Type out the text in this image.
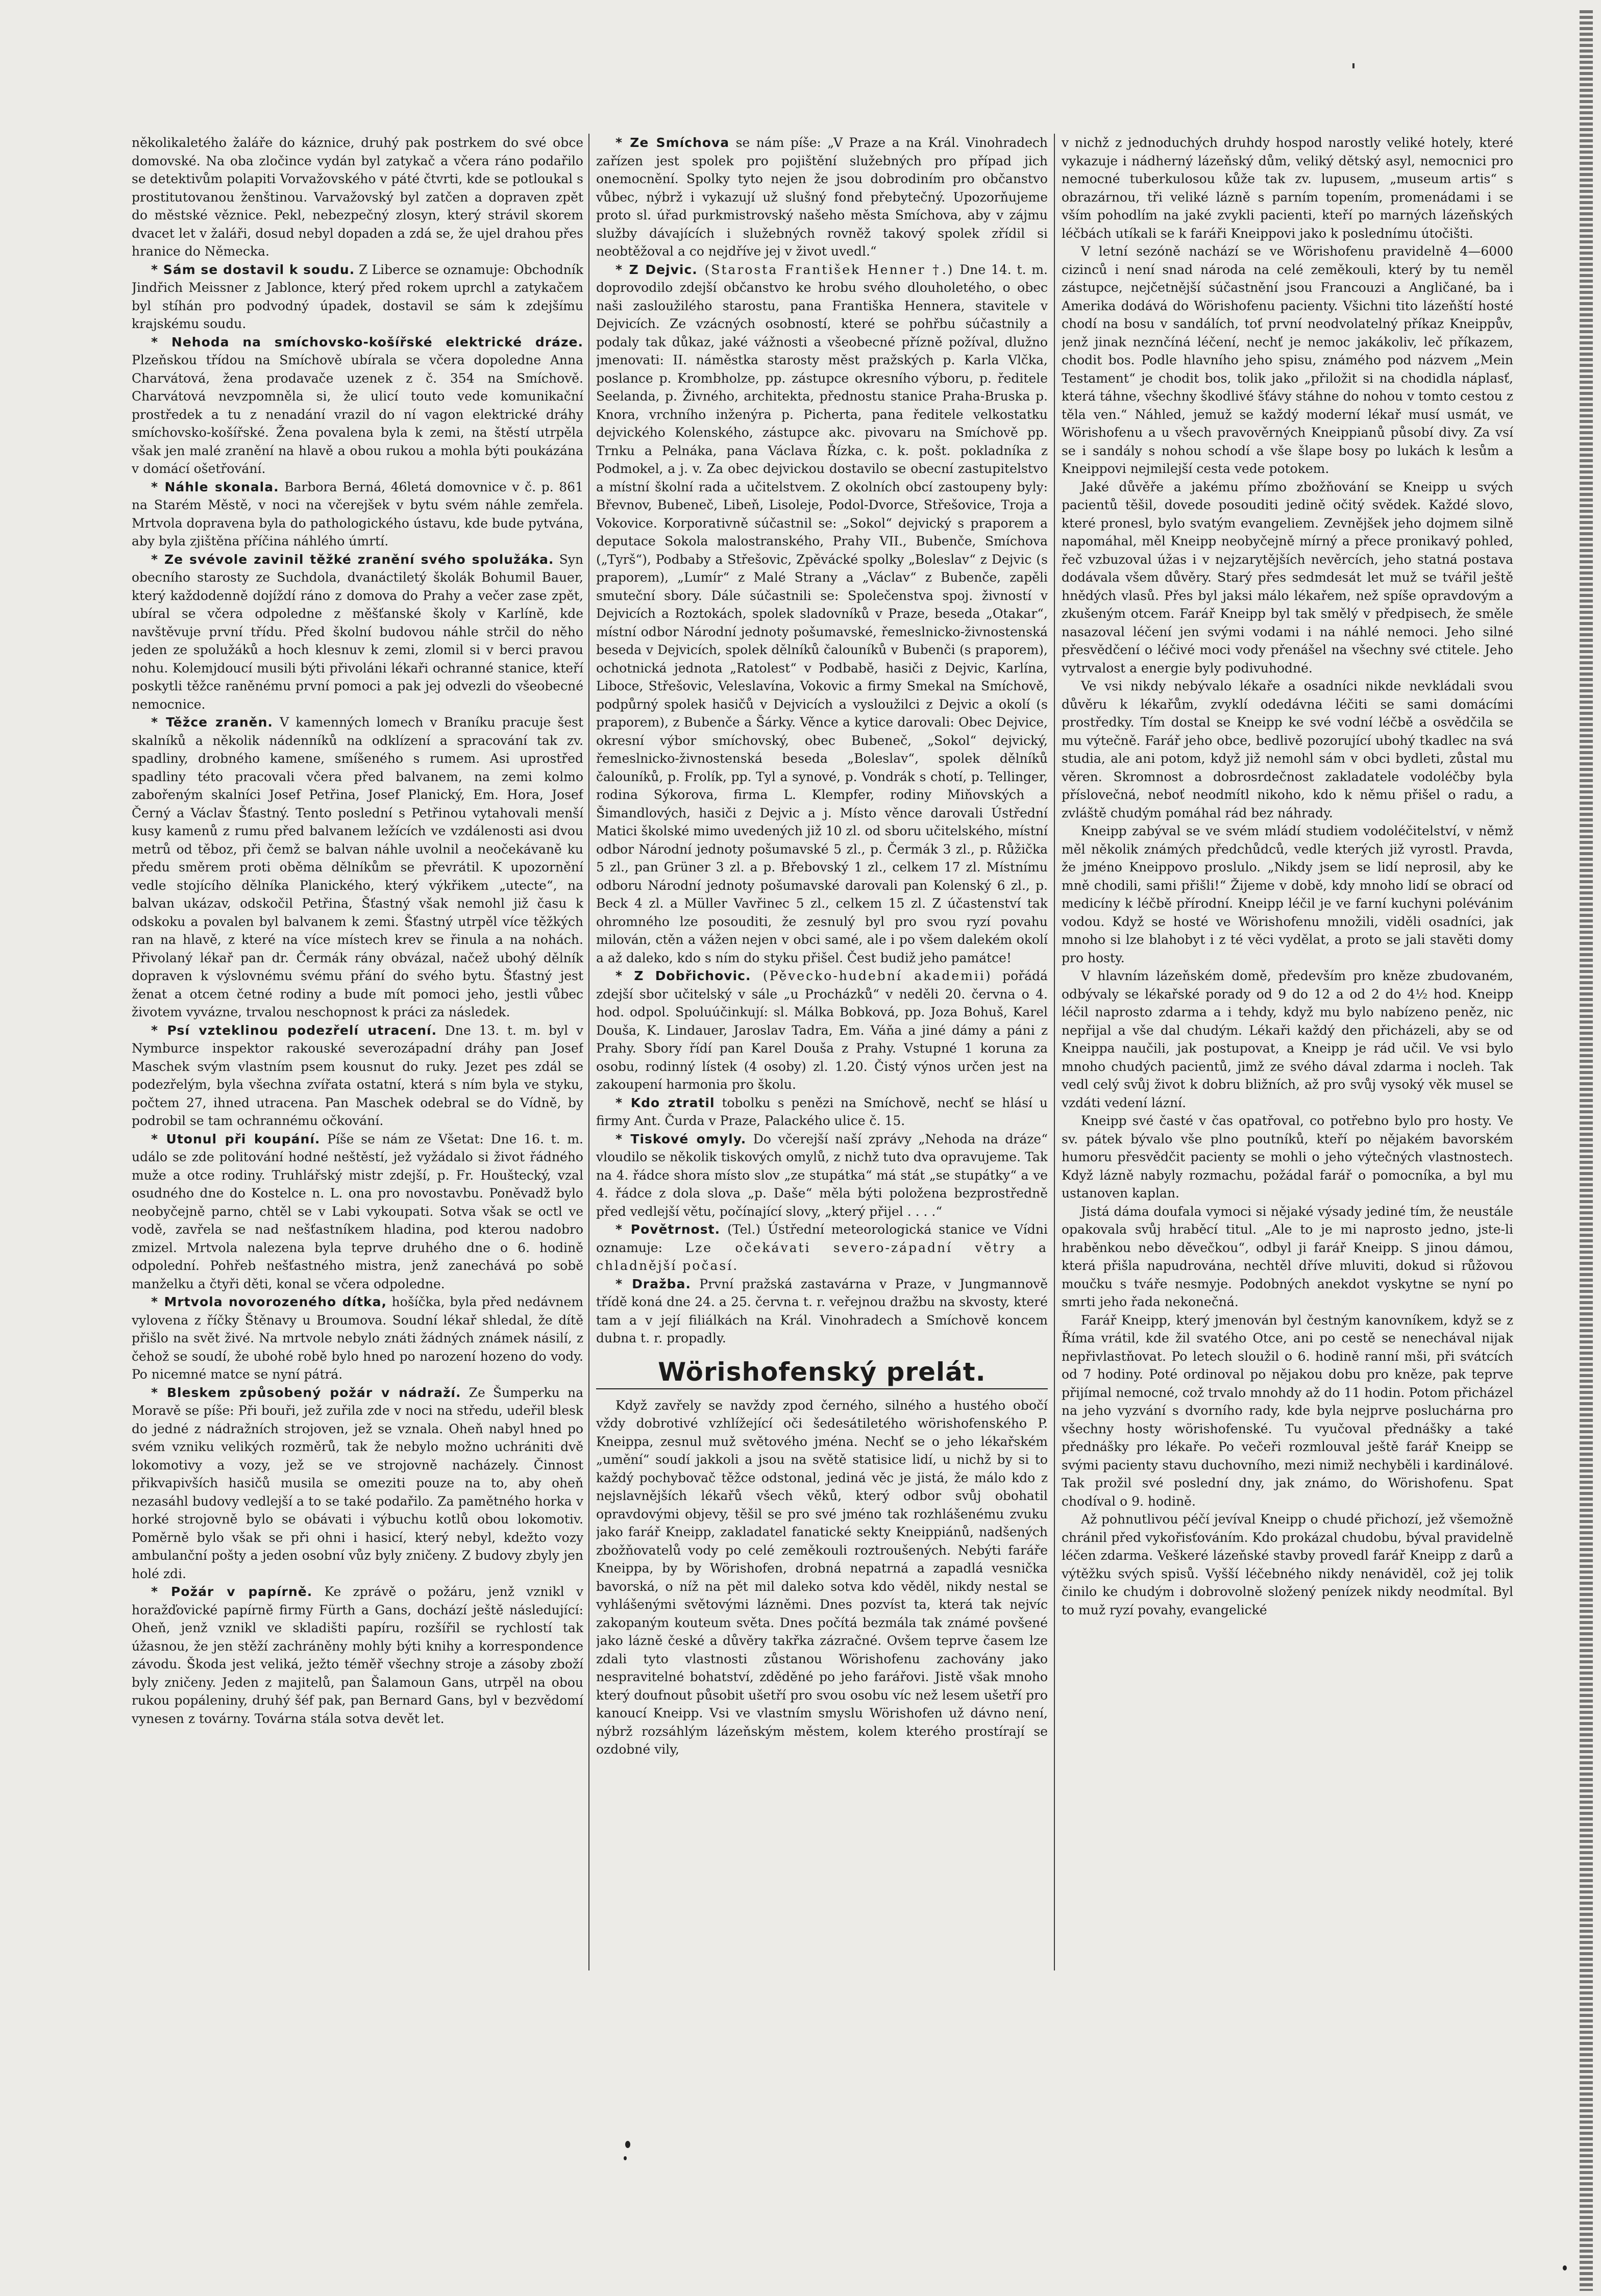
několikaletého žaláře do káznice, druhý pak postrkem do své obce domovské. Na oba zločince vydán byl zatykač a včera ráno podařilo se detektivům polapiti Vorvažovského v páté čtvrti, kde se potloukal s prostitutovanou ženštinou. Varvažovský byl zatčen a dopraven zpět do městské věznice. Pekl, nebezpečný zlosyn, který strávil skorem dvacet let v žaláři, dosud nebyl dopaden a zdá se, že ujel drahou přes hranice do Německa.

* Sám se dostavil k soudu. Z Liberce se oznamuje: Obchodník Jindřich Meissner z Jablonce, který před rokem uprchl a zatykačem byl stíhán pro podvodný úpadek, dostavil se sám k zdejšímu krajskému soudu.

* Nehoda na smíchovsko-košířské elektrické dráze. Plzeňskou třídou na Smíchově ubírala se včera dopoledne Anna Charvátová, žena prodavače uzenek z č. 354 na Smíchově. Charvátová nevzpomněla si, že ulicí touto vede komunikační prostředek a tu z nenadání vrazil do ní vagon elektrické dráhy smíchovsko-košířské. Žena povalena byla k zemi, na štěstí utrpěla však jen malé zranění na hlavě a obou rukou a mohla býti poukázána v domácí ošetřování.

* Náhle skonala. Barbora Berná, 46letá domovnice v č. p. 861 na Starém Městě, v noci na včerejšek v bytu svém náhle zemřela. Mrtvola dopravena byla do pathologického ústavu, kde bude pytvána, aby byla zjištěna příčina náhlého úmrtí.

* Ze svévole zavinil těžké zranění svého spolužáka. Syn obecního starosty ze Suchdola, dvanáctiletý školák Bohumil Bauer, který každodenně dojíždí ráno z domova do Prahy a večer zase zpět, ubíral se včera odpoledne z měšťanské školy v Karlíně, kde navštěvuje první třídu. Před školní budovou náhle strčil do něho jeden ze spolužáků a hoch klesnuv k zemi, zlomil si v berci pravou nohu. Kolemjdoucí musili býti přivoláni lékaři ochranné stanice, kteří poskytli těžce raněnému první pomoci a pak jej odvezli do všeobecné nemocnice.

* Těžce zraněn. V kamenných lomech v Braníku pracuje šest skalníků a několik nádenníků na odklízení a spracování tak zv. spadliny, drobného kamene, smíšeného s rumem. Asi uprostřed spadliny této pracovali včera před balvanem, na zemi kolmo zabořeným skalníci Josef Petřina, Josef Planický, Em. Hora, Josef Černý a Václav Šťastný. Tento poslední s Petřinou vytahovali menší kusy kamenů z rumu před balvanem ležících ve vzdálenosti asi dvou metrů od těboz, při čemž se balvan náhle uvolnil a neočekávaně ku předu směrem proti oběma dělníkům se převrátil. K upozornění vedle stojícího dělníka Planického, který výkřikem „utecte“, na balvan ukázav, odskočil Petřina, Šťastný však nemohl již času k odskoku a povalen byl balvanem k zemi. Šťastný utrpěl více těžkých ran na hlavě, z které na více místech krev se řinula a na nohách. Přivolaný lékař pan dr. Čermák rány obvázal, načež ubohý dělník dopraven k výslovnému svému přání do svého bytu. Šťastný jest ženat a otcem četné rodiny a bude mít pomoci jeho, jestli vůbec životem vyvázne, trvalou neschopnost k práci za následek.

* Psí vzteklinou podezřelí utracení. Dne 13. t. m. byl v Nymburce inspektor rakouské severozápadní dráhy pan Josef Maschek svým vlastním psem kousnut do ruky. Jezet pes zdál se podezřelým, byla všechna zvířata ostatní, která s ním byla ve styku, počtem 27, ihned utracena. Pan Maschek odebral se do Vídně, by podrobil se tam ochrannému očkování.

* Utonul při koupání. Píše se nám ze Všetat: Dne 16. t. m. událo se zde politování hodné neštěstí, jež vyžádalo si život řádného muže a otce rodiny. Truhlářský mistr zdejší, p. Fr. Houštecký, vzal osudného dne do Kostelce n. L. ona pro novostavbu. Poněvadž bylo neobyčejně parno, chtěl se v Labi vykoupati. Sotva však se octl ve vodě, zavřela se nad nešťastníkem hladina, pod kterou nadobro zmizel. Mrtvola nalezena byla teprve druhého dne o 6. hodině odpolední. Pohřeb nešťastného mistra, jenž zanechává po sobě manželku a čtyři děti, konal se včera odpoledne.

* Mrtvola novorozeného dítka, hošíčka, byla před nedávnem vylovena z říčky Štěnavy u Broumova. Soudní lékař shledal, že dítě přišlo na svět živé. Na mrtvole nebylo znáti žádných známek násilí, z čehož se soudí, že ubohé robě bylo hned po narození hozeno do vody. Po nicemné matce se nyní pátrá.

* Bleskem způsobený požár v nádraží. Ze Šumperku na Moravě se píše: Při bouři, jež zuřila zde v noci na středu, udeřil blesk do jedné z nádražních strojoven, jež se vznala. Oheň nabyl hned po svém vzniku velikých rozměrů, tak že nebylo možno uchrániti dvě lokomotivy a vozy, jež se ve strojovně nacházely. Činnost přikvapivších hasičů musila se omeziti pouze na to, aby oheň nezasáhl budovy vedlejší a to se také podařilo. Za pamětného horka v horké strojovně bylo se obávati i výbuchu kotlů obou lokomotiv. Poměrně bylo však se při ohni i hasicí, který nebyl, kdežto vozy ambulanční pošty a jeden osobní vůz byly zničeny. Z budovy zbyly jen holé zdi.

* Požár v papírně. Ke zprávě o požáru, jenž vznikl v horažďovické papírně firmy Fürth a Gans, dochází ještě následující: Oheň, jenž vznikl ve skladišti papíru, rozšířil se rychlostí tak úžasnou, že jen stěží zachráněny mohly býti knihy a korrespondence závodu. Škoda jest veliká, ježto téměř všechny stroje a zásoby zboží byly zničeny. Jeden z majitelů, pan Šalamoun Gans, utrpěl na obou rukou popáleniny, druhý šéf pak, pan Bernard Gans, byl v bezvědomí vynesen z továrny. Továrna stála sotva devět let.

* Ze Smíchova se nám píše: „V Praze a na Král. Vinohradech zařízen jest spolek pro pojištění služebných pro případ jich onemocnění. Spolky tyto nejen že jsou dobrodiním pro občanstvo vůbec, nýbrž i vykazují už slušný fond přebytečný. Upozorňujeme proto sl. úřad purkmistrovský našeho města Smíchova, aby v zájmu služby dávajících i služebných rovněž takový spolek zřídil si neobtěžoval a co nejdříve jej v život uvedl.“

* Z Dejvic. (Starosta František Henner †.) Dne 14. t. m. doprovodilo zdejší občanstvo ke hrobu svého dlouholetého, o obec naši zasloužilého starostu, pana Františka Hennera, stavitele v Dejvicích. Ze vzácných osobností, které se pohřbu súčastnily a podaly tak důkaz, jaké vážnosti a všeobecné přízně požíval, dlužno jmenovati: II. náměstka starosty měst pražských p. Karla Vlčka, poslance p. Krombholze, pp. zástupce okresního výboru, p. ředitele Seelanda, p. Živného, architekta, přednostu stanice Praha-Bruska p. Knora, vrchního inženýra p. Picherta, pana ředitele velkostatku dejvického Kolenského, zástupce akc. pivovaru na Smíchově pp. Trnku a Pelnáka, pana Václava Řízka, c. k. pošt. pokladníka z Podmokel, a j. v. Za obec dejvickou dostavilo se obecní zastupitelstvo a místní školní rada a učitelstvem. Z okolních obcí zastoupeny byly: Břevnov, Bubeneč, Libeň, Lisoleje, Podol-Dvorce, Střešovice, Troja a Vokovice. Korporativně súčastnil se: „Sokol“ dejvický s praporem a deputace Sokola malostranského, Prahy VII., Bubenče, Smíchova („Tyrš“), Podbaby a Střešovic, Zpěvácké spolky „Boleslav“ z Dejvic (s praporem), „Lumír“ z Malé Strany a „Václav“ z Bubenče, zapěli smuteční sbory. Dále súčastnili se: Společenstva spoj. živností v Dejvicích a Roztokách, spolek sladovníků v Praze, beseda „Otakar“, místní odbor Národní jednoty pošumavské, řemeslnicko-živnostenská beseda v Dejvicích, spolek dělníků čalouníků v Bubenči (s praporem), ochotnická jednota „Ratolest“ v Podbabě, hasiči z Dejvic, Karlína, Liboce, Střešovic, Veleslavína, Vokovic a firmy Smekal na Smíchově, podpůrný spolek hasičů v Dejvicích a vysloužilci z Dejvic a okolí (s praporem), z Bubenče a Šárky. Věnce a kytice darovali: Obec Dejvice, okresní výbor smíchovský, obec Bubeneč, „Sokol“ dejvický, řemeslnicko-živnostenská beseda „Boleslav“, spolek dělníků čalouníků, p. Frolík, pp. Tyl a synové, p. Vondrák s chotí, p. Tellinger, rodina Sýkorova, firma L. Klempfer, rodiny Miňovských a Šimandlových, hasiči z Dejvic a j. Místo věnce darovali Ústřední Matici školské mimo uvedených již 10 zl. od sboru učitelského, místní odbor Národní jednoty pošumavské 5 zl., p. Čermák 3 zl., p. Růžička 5 zl., pan Grüner 3 zl. a p. Břebovský 1 zl., celkem 17 zl. Místnímu odboru Národní jednoty pošumavské darovali pan Kolenský 6 zl., p. Beck 4 zl. a Müller Vavřinec 5 zl., celkem 15 zl. Z účastenství tak ohromného lze posouditi, že zesnulý byl pro svou ryzí povahu milován, ctěn a vážen nejen v obci samé, ale i po všem dalekém okolí a až daleko, kdo s ním do styku přišel. Čest budiž jeho památce!

* Z Dobřichovic. (Pěvecko-hudební akademii) pořádá zdejší sbor učitelský v sále „u Procházků“ v neděli 20. června o 4. hod. odpol. Spoluúčinkují: sl. Málka Bobková, pp. Joza Bohuš, Karel Douša, K. Lindauer, Jaroslav Tadra, Em. Váňa a jiné dámy a páni z Prahy. Sbory řídí pan Karel Douša z Prahy. Vstupné 1 koruna za osobu, rodinný lístek (4 osoby) zl. 1.20. Čistý výnos určen jest na zakoupení harmonia pro školu.

* Kdo ztratil tobolku s penězi na Smíchově, nechť se hlásí u firmy Ant. Čurda v Praze, Palackého ulice č. 15.

* Tiskové omyly. Do včerejší naší zprávy „Nehoda na dráze“ vloudilo se několik tiskových omylů, z nichž tuto dva opravujeme. Tak na 4. řádce shora místo slov „ze stupátka“ má stát „se stupátky“ a ve 4. řádce z dola slova „p. Daše“ měla býti položena bezprostředně před vedlejší větu, počínající slovy, „který přijel . . . .“

* Povětrnost. (Tel.) Ústřední meteorologická stanice ve Vídni oznamuje: Lze očekávati severo-západní větry a chladnější počasí.

* Dražba. První pražská zastavárna v Praze, v Jungmannově třídě koná dne 24. a 25. června t. r. veřejnou dražbu na skvosty, které tam a v její filiálkách na Král. Vinohradech a Smíchově koncem dubna t. r. propadly.

Wörishofenský prelát.

Když zavřely se navždy zpod černého, silného a hustého obočí vždy dobrotivé vzhlížející oči šedesátiletého wörishofenského P. Kneippa, zesnul muž světového jména. Nechť se o jeho lékařském „umění“ soudí jakkoli a jsou na světě statisice lidí, u nichž by si to každý pochybovač těžce odstonal, jediná věc je jistá, že málo kdo z nejslavnějších lékařů všech věků, který odbor svůj obohatil opravdovými objevy, těšil se pro své jméno tak rozhlášenému zvuku jako farář Kneipp, zakladatel fanatické sekty Kneippiánů, nadšených zbožňovatelů vody po celé zeměkouli roztroušených. Nebýti faráře Kneippa, by by Wörishofen, drobná nepatrná a zapadlá vesnička bavorská, o níž na pět mil daleko sotva kdo věděl, nikdy nestal se vyhlášenými světovými lázněmi. Dnes pozvíst ta, která tak nejvíc zakopaným kouteum světa. Dnes počítá bezmála tak známé povšené jako lázně české a důvěry takřka zázračné. Ovšem teprve časem lze zdali tyto vlastnosti zůstanou Wörishofenu zachovány jako nespravitelné bohatství, zděděné po jeho farářovi. Jistě však mnoho který doufnout působit ušetří pro svou osobu víc než lesem ušetří pro kanoucí Kneipp. Vsi ve vlastním smyslu Wörishofen už dávno není, nýbrž rozsáhlým lázeňským městem, kolem kterého prostírají se ozdobné vily,

v nichž z jednoduchých druhdy hospod narostly veliké hotely, které vykazuje i nádherný lázeňský dům, veliký dětský asyl, nemocnici pro nemocné tuberkulosou kůže tak zv. lupusem, „museum artis“ s obrazárnou, tři veliké lázně s parním topením, promenádami i se vším pohodlím na jaké zvykli pacienti, kteří po marných lázeňských léčbách utíkali se k faráři Kneippovi jako k poslednímu útočišti.

V letní sezóně nachází se ve Wörishofenu pravidelně 4—6000 cizinců i není snad národa na celé zeměkouli, který by tu neměl zástupce, nejčetnější súčastnění jsou Francouzi a Angličané, ba i Amerika dodává do Wörishofenu pacienty. Všichni tito lázeňští hosté chodí na bosu v sandálích, toť první neodvolatelný příkaz Kneippův, jenž jinak neznčíná léčení, nechť je nemoc jakákoliv, leč příkazem, chodit bos. Podle hlavního jeho spisu, známého pod názvem „Mein Testament“ je chodit bos, tolik jako „přiložit si na chodidla náplasť, která táhne, všechny škodlivé šťávy stáhne do nohou v tomto cestou z těla ven.“ Náhled, jemuž se každý moderní lékař musí usmát, ve Wörishofenu a u všech pravověrných Kneippianů působí divy. Za vsí se i sandály s nohou schodí a vše šlape bosy po lukách k lesům a Kneippovi nejmilejší cesta vede potokem.

Jaké důvěře a jakému přímo zbožňování se Kneipp u svých pacientů těšil, dovede posouditi jedině očitý svědek. Každé slovo, které pronesl, bylo svatým evangeliem. Zevnějšek jeho dojmem silně napomáhal, měl Kneipp neobyčejně mírný a přece pronikavý pohled, řeč vzbuzoval úžas i v nejzarytějších nevěrcích, jeho statná postava dodávala všem důvěry. Starý přes sedmdesát let muž se tvářil ještě hnědých vlasů. Přes byl jaksi málo lékařem, než spíše opravdovým a zkušeným otcem. Farář Kneipp byl tak smělý v předpisech, že směle nasazoval léčení jen svými vodami i na náhlé nemoci. Jeho silné přesvědčení o léčivé moci vody přenášel na všechny své ctitele. Jeho vytrvalost a energie byly podivuhodné.

Ve vsi nikdy nebývalo lékaře a osadníci nikde nevkládali svou důvěru k lékařům, zvyklí odedávna léčiti se sami domácími prostředky. Tím dostal se Kneipp ke své vodní léčbě a osvědčila se mu výtečně. Farář jeho obce, bedlivě pozorující ubohý tkadlec na svá studia, ale ani potom, když již nemohl sám v obci bydleti, zůstal mu věren. Skromnost a dobrosrdečnost zakladatele vodoléčby byla příslovečná, neboť neodmítl nikoho, kdo k němu přišel o radu, a zvláště chudým pomáhal rád bez náhrady.

Kneipp zabýval se ve svém mládí studiem vodoléčitelství, v němž měl několik známých předchůdců, vedle kterých již vyrostl. Pravda, že jméno Kneippovo proslulo. „Nikdy jsem se lidí neprosil, aby ke mně chodili, sami přišli!“ Žijeme v době, kdy mnoho lidí se obrací od medicíny k léčbě přírodní. Kneipp léčil je ve farní kuchyni polévánim vodou. Když se hosté ve Wörishofenu množili, viděli osadníci, jak mnoho si lze blahobyt i z té věci vydělat, a proto se jali stavěti domy pro hosty.

V hlavním lázeňském domě, především pro kněze zbudovaném, odbývaly se lékařské porady od 9 do 12 a od 2 do 4½ hod. Kneipp léčil naprosto zdarma a i tehdy, když mu bylo nabízeno peněz, nic nepřijal a vše dal chudým. Lékaři každý den přicházeli, aby se od Kneippa naučili, jak postupovat, a Kneipp je rád učil. Ve vsi bylo mnoho chudých pacientů, jimž ze svého dával zdarma i nocleh. Tak vedl celý svůj život k dobru bližních, až pro svůj vysoký věk musel se vzdáti vedení lázní.

Kneipp své časté v čas opatřoval, co potřebno bylo pro hosty. Ve sv. pátek bývalo vše plno poutníků, kteří po nějakém bavorském humoru přesvědčit pacienty se mohli o jeho výtečných vlastnostech. Když lázně nabyly rozmachu, požádal farář o pomocníka, a byl mu ustanoven kaplan.

Jistá dáma doufala vymoci si nějaké výsady jediné tím, že neustále opakovala svůj hraběcí titul. „Ale to je mi naprosto jedno, jste-li hraběnkou nebo děvečkou“, odbyl ji farář Kneipp. S jinou dámou, která přišla napudrována, nechtěl dříve mluviti, dokud si růžovou moučku s tváře nesmyje. Podobných anekdot vyskytne se nyní po smrti jeho řada nekonečná.

Farář Kneipp, který jmenován byl čestným kanovníkem, když se z Říma vrátil, kde žil svatého Otce, ani po cestě se nenechával nijak nepřivlastňovat. Po letech sloužil o 6. hodině ranní mši, při svátcích od 7 hodiny. Poté ordinoval po nějakou dobu pro kněze, pak teprve přijímal nemocné, což trvalo mnohdy až do 11 hodin. Potom přicházel na jeho vyzvání s dvorního rady, kde byla nejprve posluchárna pro všechny hosty wörishofenské. Tu vyučoval přednášky a také přednášky pro lékaře. Po večeři rozmlouval ještě farář Kneipp se svými pacienty stavu duchovního, mezi nimiž nechyběli i kardinálové. Tak prožil své poslední dny, jak známo, do Wörishofenu. Spat chodíval o 9. hodině.

Až pohnutlivou péčí jevíval Kneipp o chudé přichozí, jež všemožně chránil před vykořisťováním. Kdo prokázal chudobu, býval pravidelně léčen zdarma. Veškeré lázeňské stavby provedl farář Kneipp z darů a výtěžku svých spisů. Vyšší léčebného nikdy nenáviděl, což jej tolik činilo ke chudým i dobrovolně složený penízek nikdy neodmítal. Byl to muž ryzí povahy, evangelické
